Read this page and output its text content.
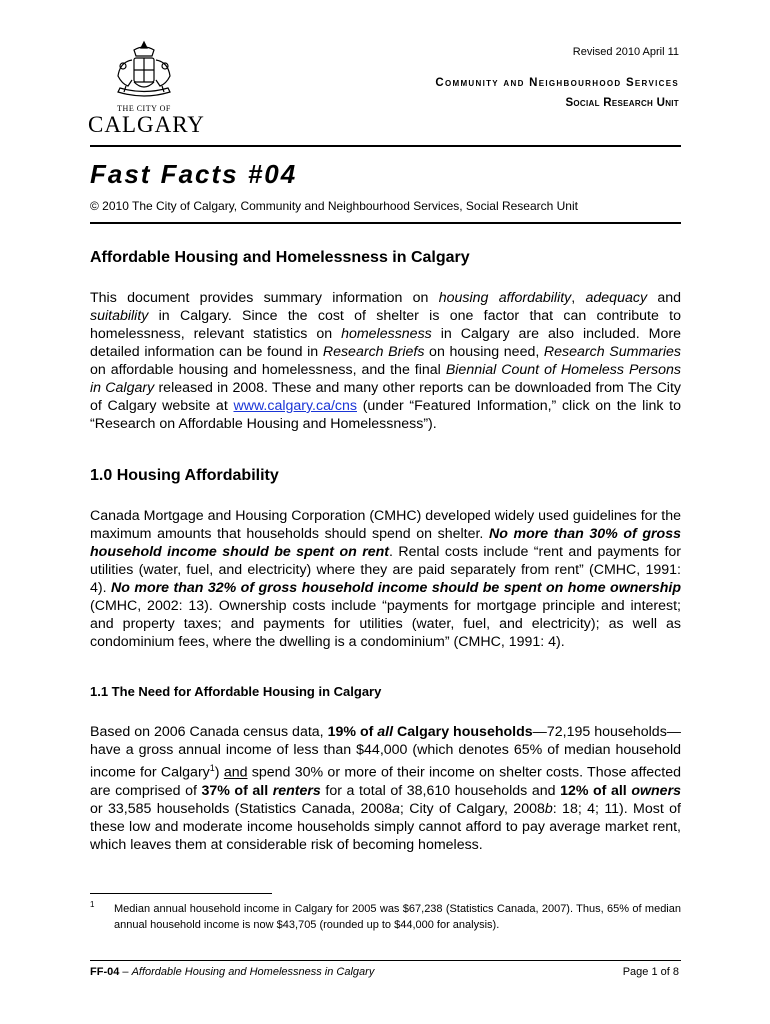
THE CITY OF
CALGARY
Revised 2010 April 11
Community and Neighbourhood Services
Social Research Unit
Fast Facts #04
© 2010 The City of Calgary, Community and Neighbourhood Services, Social Research Unit
Affordable Housing and Homelessness in Calgary
This document provides summary information on housing affordability, adequacy and suitability in Calgary. Since the cost of shelter is one factor that can contribute to homelessness, relevant statistics on homelessness in Calgary are also included. More detailed information can be found in Research Briefs on housing need, Research Summaries on affordable housing and homelessness, and the final Biennial Count of Homeless Persons in Calgary released in 2008. These and many other reports can be downloaded from The City of Calgary website at www.calgary.ca/cns (under “Featured Information,” click on the link to “Research on Affordable Housing and Homelessness”).
1.0 Housing Affordability
Canada Mortgage and Housing Corporation (CMHC) developed widely used guidelines for the maximum amounts that households should spend on shelter. No more than 30% of gross household income should be spent on rent. Rental costs include “rent and payments for utilities (water, fuel, and electricity) where they are paid separately from rent” (CMHC, 1991: 4). No more than 32% of gross household income should be spent on home ownership (CMHC, 2002: 13). Ownership costs include “payments for mortgage principle and interest; and property taxes; and payments for utilities (water, fuel, and electricity); as well as condominium fees, where the dwelling is a condominium” (CMHC, 1991: 4).
1.1 The Need for Affordable Housing in Calgary
Based on 2006 Canada census data, 19% of all Calgary households—72,195 households—have a gross annual income of less than $44,000 (which denotes 65% of median household income for Calgary$^1$) and spend 30% or more of their income on shelter costs. Those affected are comprised of 37% of all renters for a total of 38,610 households and 12% of all owners or 33,585 households (Statistics Canada, 2008a; City of Calgary, 2008b: 18; 4; 11). Most of these low and moderate income households simply cannot afford to pay average market rent, which leaves them at considerable risk of becoming homeless.
1 Median annual household income in Calgary for 2005 was $67,238 (Statistics Canada, 2007). Thus, 65% of median annual household income is now $43,705 (rounded up to $44,000 for analysis).
FF-04 – Affordable Housing and Homelessness in Calgary	Page 1 of 8
